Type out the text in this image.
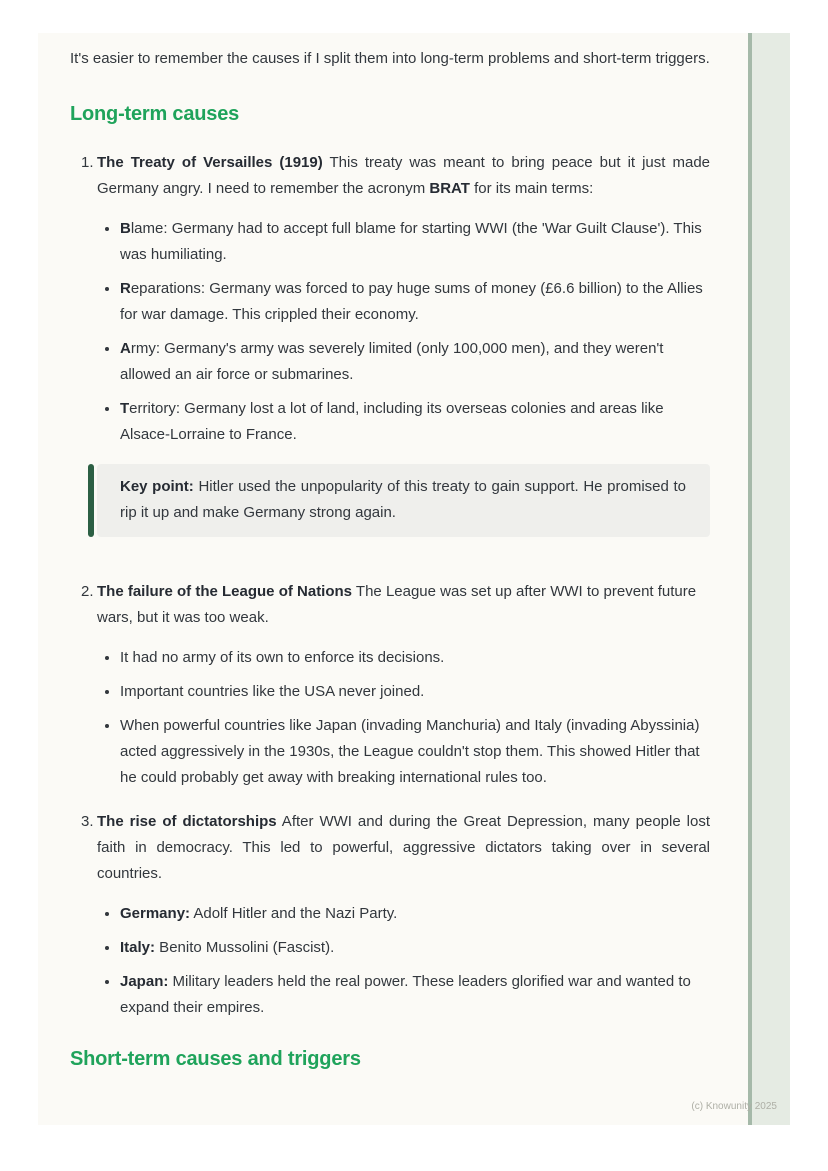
It's easier to remember the causes if I split them into long-term problems and short-term triggers.

Long-term causes
1. The Treaty of Versailles (1919) This treaty was meant to bring peace but it just made Germany angry. I need to remember the acronym BRAT for its main terms:

Blame: Germany had to accept full blame for starting WWI (the 'War Guilt Clause'). This was humiliating.

Reparations: Germany was forced to pay huge sums of money (£6.6 billion) to the Allies for war damage. This crippled their economy.

Army: Germany's army was severely limited (only 100,000 men), and they weren't allowed an air force or submarines.

Territory: Germany lost a lot of land, including its overseas colonies and areas like Alsace-Lorraine to France.

Key point: Hitler used the unpopularity of this treaty to gain support. He promised to rip it up and make Germany strong again.

2. The failure of the League of Nations The League was set up after WWI to prevent future wars, but it was too weak.

It had no army of its own to enforce its decisions.

Important countries like the USA never joined.

When powerful countries like Japan (invading Manchuria) and Italy (invading Abyssinia) acted aggressively in the 1930s, the League couldn't stop them. This showed Hitler that he could probably get away with breaking international rules too.

3. The rise of dictatorships After WWI and during the Great Depression, many people lost faith in democracy. This led to powerful, aggressive dictators taking over in several countries.

Germany: Adolf Hitler and the Nazi Party.

Italy: Benito Mussolini (Fascist).

Japan: Military leaders held the real power. These leaders glorified war and wanted to expand their empires.

Short-term causes and triggers
(c) Knowunity 2025
